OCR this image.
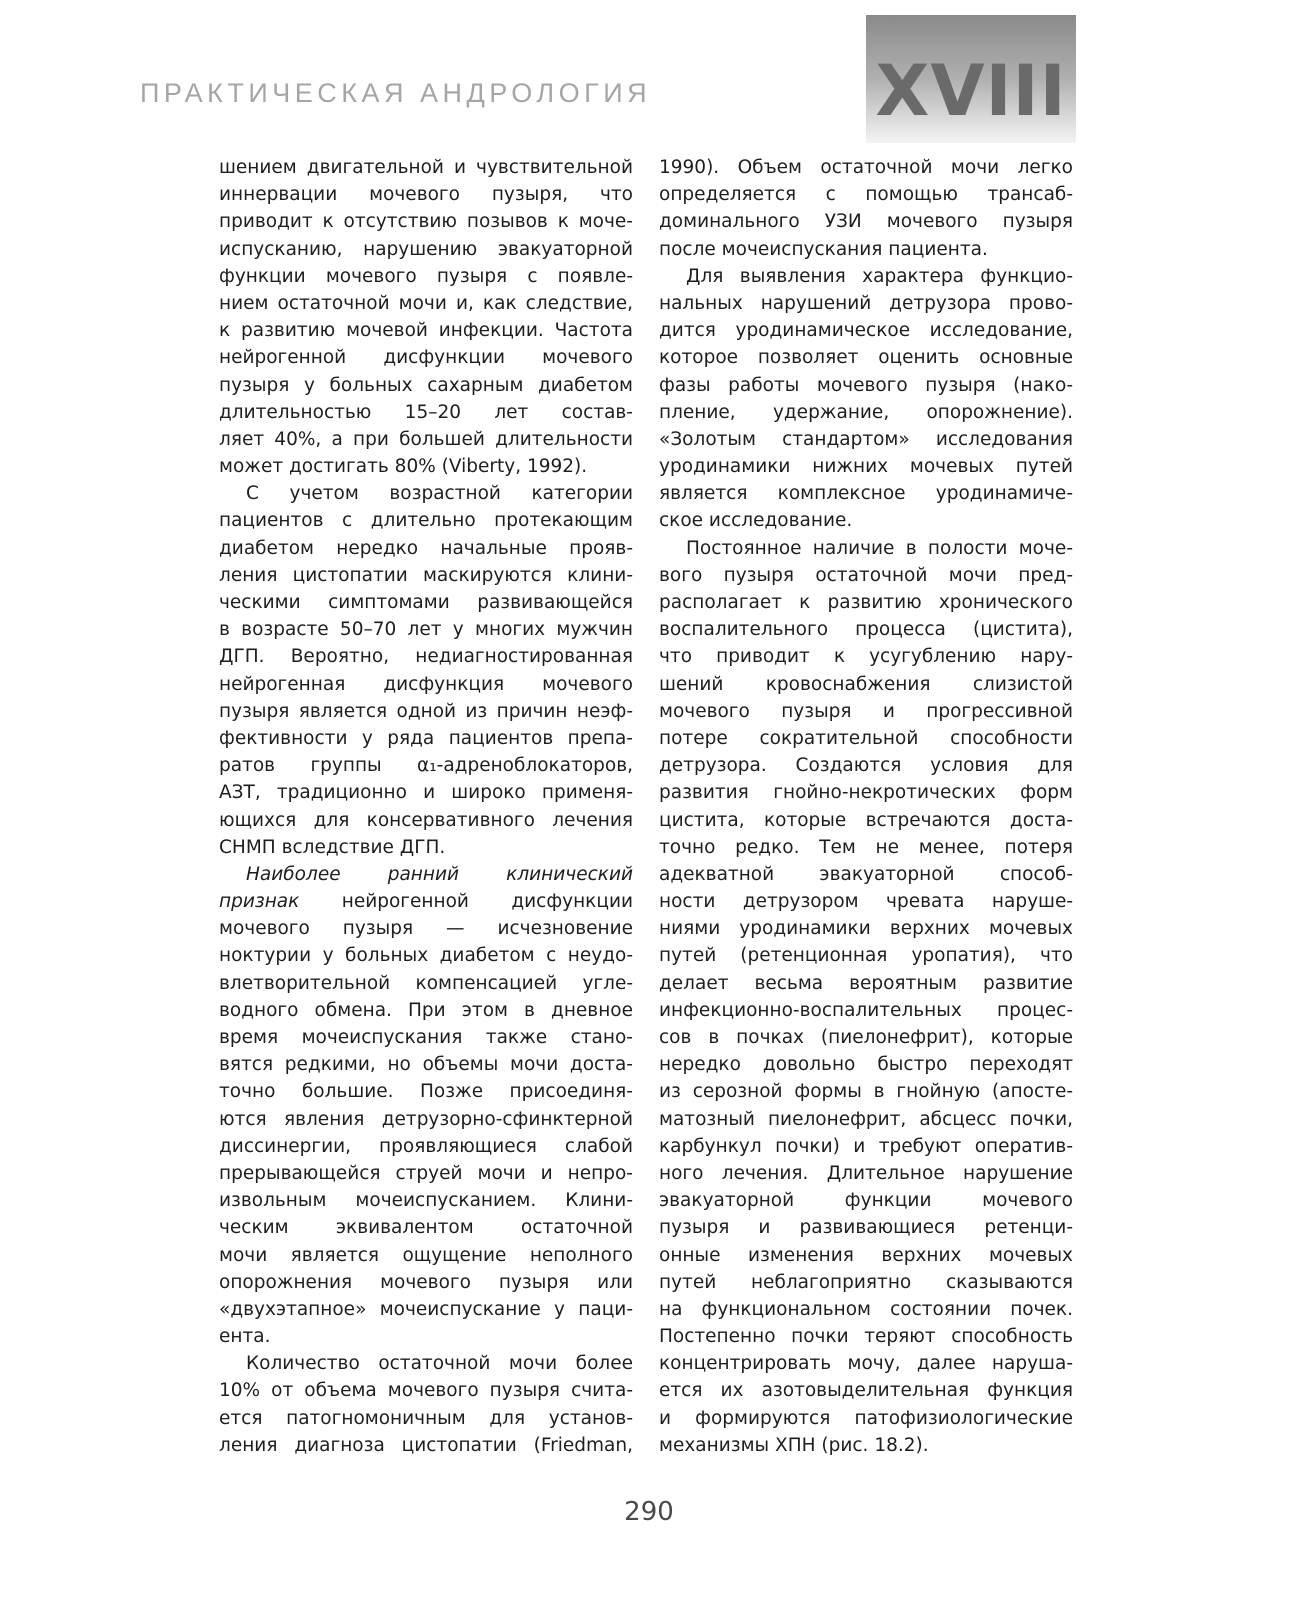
ПРАКТИЧЕСКАЯ АНДРОЛОГИЯ	XVIII
шением двигательной и чувствительной
иннервации мочевого пузыря, что
приводит к отсутствию позывов к моче-
испусканию, нарушению эвакуаторной
функции мочевого пузыря с появле-
нием остаточной мочи и, как следствие,
к развитию мочевой инфекции. Частота
нейрогенной дисфункции мочевого
пузыря у больных сахарным диабетом
длительностью 15–20 лет состав-
ляет 40%, а при большей длительности
может достигать 80% (Viberty, 1992).
С учетом возрастной категории
пациентов с длительно протекающим
диабетом нередко начальные прояв-
ления цистопатии маскируются клини-
ческими симптомами развивающейся
в возрасте 50–70 лет у многих мужчин
ДГП. Вероятно, недиагностированная
нейрогенная дисфункция мочевого
пузыря является одной из причин неэф-
фективности у ряда пациентов препа-
ратов группы α₁-адреноблокаторов,
АЗТ, традиционно и широко применя-
ющихся для консервативного лечения
СНМП вследствие ДГП.
Наиболее ранний клинический
признак нейрогенной дисфункции
мочевого пузыря — исчезновение
ноктурии у больных диабетом с неудо-
влетворительной компенсацией угле-
водного обмена. При этом в дневное
время мочеиспускания также стано-
вятся редкими, но объемы мочи доста-
точно большие. Позже присоединя-
ются явления детрузорно-сфинктерной
диссинергии, проявляющиеся слабой
прерывающейся струей мочи и непро-
извольным мочеиспусканием. Клини-
ческим эквивалентом остаточной
мочи является ощущение неполного
опорожнения мочевого пузыря или
«двухэтапное» мочеиспускание у паци-
ента.
Количество остаточной мочи более
10% от объема мочевого пузыря счита-
ется патогномоничным для установ-
ления диагноза цистопатии (Friedman,
1990). Объем остаточной мочи легко
определяется с помощью трансаб-
доминального УЗИ мочевого пузыря
после мочеиспускания пациента.
Для выявления характера функцио-
нальных нарушений детрузора прово-
дится уродинамическое исследование,
которое позволяет оценить основные
фазы работы мочевого пузыря (нако-
пление, удержание, опорожнение).
«Золотым стандартом» исследования
уродинамики нижних мочевых путей
является комплексное уродинамиче-
ское исследование.
Постоянное наличие в полости моче-
вого пузыря остаточной мочи пред-
располагает к развитию хронического
воспалительного процесса (цистита),
что приводит к усугублению нару-
шений кровоснабжения слизистой
мочевого пузыря и прогрессивной
потере сократительной способности
детрузора. Создаются условия для
развития гнойно-некротических форм
цистита, которые встречаются доста-
точно редко. Тем не менее, потеря
адекватной эвакуаторной способ-
ности детрузором чревата наруше-
ниями уродинамики верхних мочевых
путей (ретенционная уропатия), что
делает весьма вероятным развитие
инфекционно-воспалительных процес-
сов в почках (пиелонефрит), которые
нередко довольно быстро переходят
из серозной формы в гнойную (апосте-
матозный пиелонефрит, абсцесс почки,
карбункул почки) и требуют оператив-
ного лечения. Длительное нарушение
эвакуаторной функции мочевого
пузыря и развивающиеся ретенци-
онные изменения верхних мочевых
путей неблагоприятно сказываются
на функциональном состоянии почек.
Постепенно почки теряют способность
концентрировать мочу, далее наруша-
ется их азотовыделительная функция
и формируются патофизиологические
механизмы ХПН (рис. 18.2).
290
